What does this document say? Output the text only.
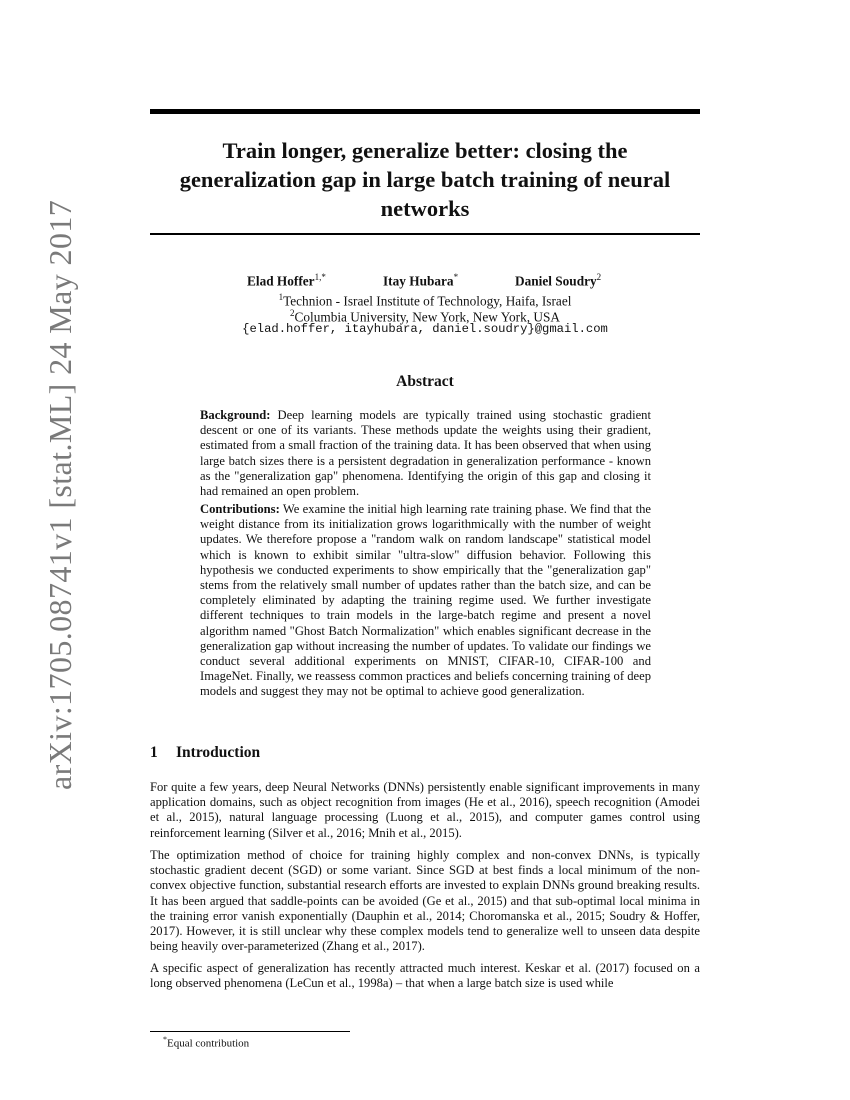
arXiv:1705.08741v1 [stat.ML] 24 May 2017
Train longer, generalize better: closing the
generalization gap in large batch training of neural
networks
Elad Hoffer$^{1,*}$	Itay Hubara*	Daniel Soudry$^2$
$^1$Technion - Israel Institute of Technology, Haifa, Israel
$^2$Columbia University, New York, New York, USA
{elad.hoffer, itayhubara, daniel.soudry}@gmail.com
Abstract
Background: Deep learning models are typically trained using stochastic gradient descent or one of its variants. These methods update the weights using their gradient, estimated from a small fraction of the training data. It has been observed that when using large batch sizes there is a persistent degradation in generalization performance - known as the "generalization gap" phenomena. Identifying the origin of this gap and closing it had remained an open problem.
Contributions: We examine the initial high learning rate training phase. We find that the weight distance from its initialization grows logarithmically with the number of weight updates. We therefore propose a "random walk on random landscape" statistical model which is known to exhibit similar "ultra-slow" diffusion behavior. Following this hypothesis we conducted experiments to show empirically that the "generalization gap" stems from the relatively small number of updates rather than the batch size, and can be completely eliminated by adapting the training regime used. We further investigate different techniques to train models in the large-batch regime and present a novel algorithm named "Ghost Batch Normalization" which enables significant decrease in the generalization gap without increasing the number of updates. To validate our findings we conduct several additional experiments on MNIST, CIFAR-10, CIFAR-100 and ImageNet. Finally, we reassess common practices and beliefs concerning training of deep models and suggest they may not be optimal to achieve good generalization.
1 Introduction
For quite a few years, deep Neural Networks (DNNs) persistently enable significant improvements in many application domains, such as object recognition from images (He et al., 2016), speech recognition (Amodei et al., 2015), natural language processing (Luong et al., 2015), and computer games control using reinforcement learning (Silver et al., 2016; Mnih et al., 2015).
The optimization method of choice for training highly complex and non-convex DNNs, is typically stochastic gradient decent (SGD) or some variant. Since SGD at best finds a local minimum of the non-convex objective function, substantial research efforts are invested to explain DNNs ground breaking results. It has been argued that saddle-points can be avoided (Ge et al., 2015) and that sub-optimal local minima in the training error vanish exponentially (Dauphin et al., 2014; Choromanska et al., 2015; Soudry & Hoffer, 2017). However, it is still unclear why these complex models tend to generalize well to unseen data despite being heavily over-parameterized (Zhang et al., 2017).
A specific aspect of generalization has recently attracted much interest. Keskar et al. (2017) focused on a long observed phenomena (LeCun et al., 1998a) – that when a large batch size is used while
*Equal contribution
